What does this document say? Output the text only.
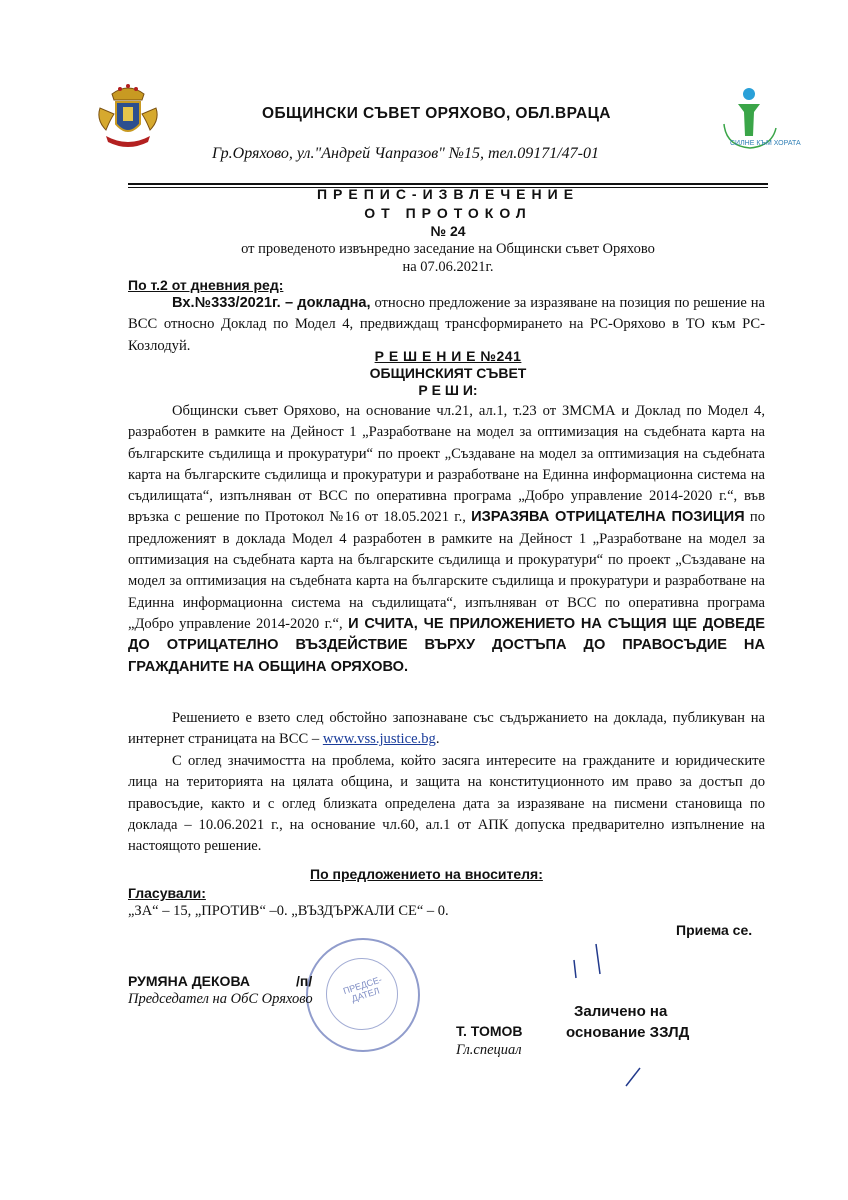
ОБЩИНСКИ СЪВЕТ ОРЯХОВО, ОБЛ.ВРАЦА
Гр.Оряхово, ул."Андрей Чапразов" №15, тел.09171/47-01
СИЛНЕ КЪМ ХОРАТА
ПРЕПИС-ИЗВЛЕЧЕНИЕ
ОТ ПРОТОКОЛ
№ 24
от проведеното извънредно заседание на Общински съвет Оряхово
на 07.06.2021г.
По т.2 от дневния ред:
Вх.№333/2021г. – докладна, относно предложение за изразяване на позиция по решение на ВСС относно Доклад по Модел 4, предвиждащ трансформирането на РС-Оряхово в ТО към РС-Козлодуй.
Р Е Ш Е Н И Е №241
ОБЩИНСКИЯТ СЪВЕТ
Р Е Ш И:
Общински съвет Оряхово, на основание чл.21, ал.1, т.23 от ЗМСМА и Доклад по Модел 4, разработен в рамките на Дейност 1 „Разработване на модел за оптимизация на съдебната карта на българските съдилища и прокуратури“ по проект „Създаване на модел за оптимизация на съдебната карта на българските съдилища и прокуратури и разработване на Единна информационна система на съдилищата“, изпълняван от ВСС по оперативна програма „Добро управление 2014-2020 г.“, във връзка с решение по Протокол №16 от 18.05.2021 г., ИЗРАЗЯВА ОТРИЦАТЕЛНА ПОЗИЦИЯ по предложеният в доклада Модел 4 разработен в рамките на Дейност 1 „Разработване на модел за оптимизация на съдебната карта на българските съдилища и прокуратури“ по проект „Създаване на модел за оптимизация на съдебната карта на българските съдилища и прокуратури и разработване на Единна информационна система на съдилищата“, изпълняван от ВСС по оперативна програма „Добро управление 2014-2020 г.“, И СЧИТА, ЧЕ ПРИЛОЖЕНИЕТО НА СЪЩИЯ ЩЕ ДОВЕДЕ ДО ОТРИЦАТЕЛНО ВЪЗДЕЙСТВИЕ ВЪРХУ ДОСТЪПА ДО ПРАВОСЪДИЕ НА ГРАЖДАНИТЕ НА ОБЩИНА ОРЯХОВО.
Решението е взето след обстойно запознаване със съдържанието на доклада, публикуван на интернет страницата на ВСС – www.vss.justice.bg.
С оглед значимостта на проблема, който засяга интересите на гражданите и юридическите лица на територията на цялата община, и защита на конституционното им право за достъп до правосъдие, както и с оглед близката определена дата за изразяване на писмени становища по доклада – 10.06.2021 г., на основание чл.60, ал.1 от АПК допуска предварително изпълнение на настоящото решение.
По предложението на вносителя:
Гласували:
„ЗА“ – 15, „ПРОТИВ“ –0. „ВЪЗДЪРЖАЛИ СЕ“ – 0.
Приема се.
ПРЕДСЕ-ДАТЕЛ
РУМЯНА ДЕКОВА	/п/
Председател на ОбС Оряхово
Т. ТОМОВ
Гл.специал
Заличено на
основание ЗЗЛД
